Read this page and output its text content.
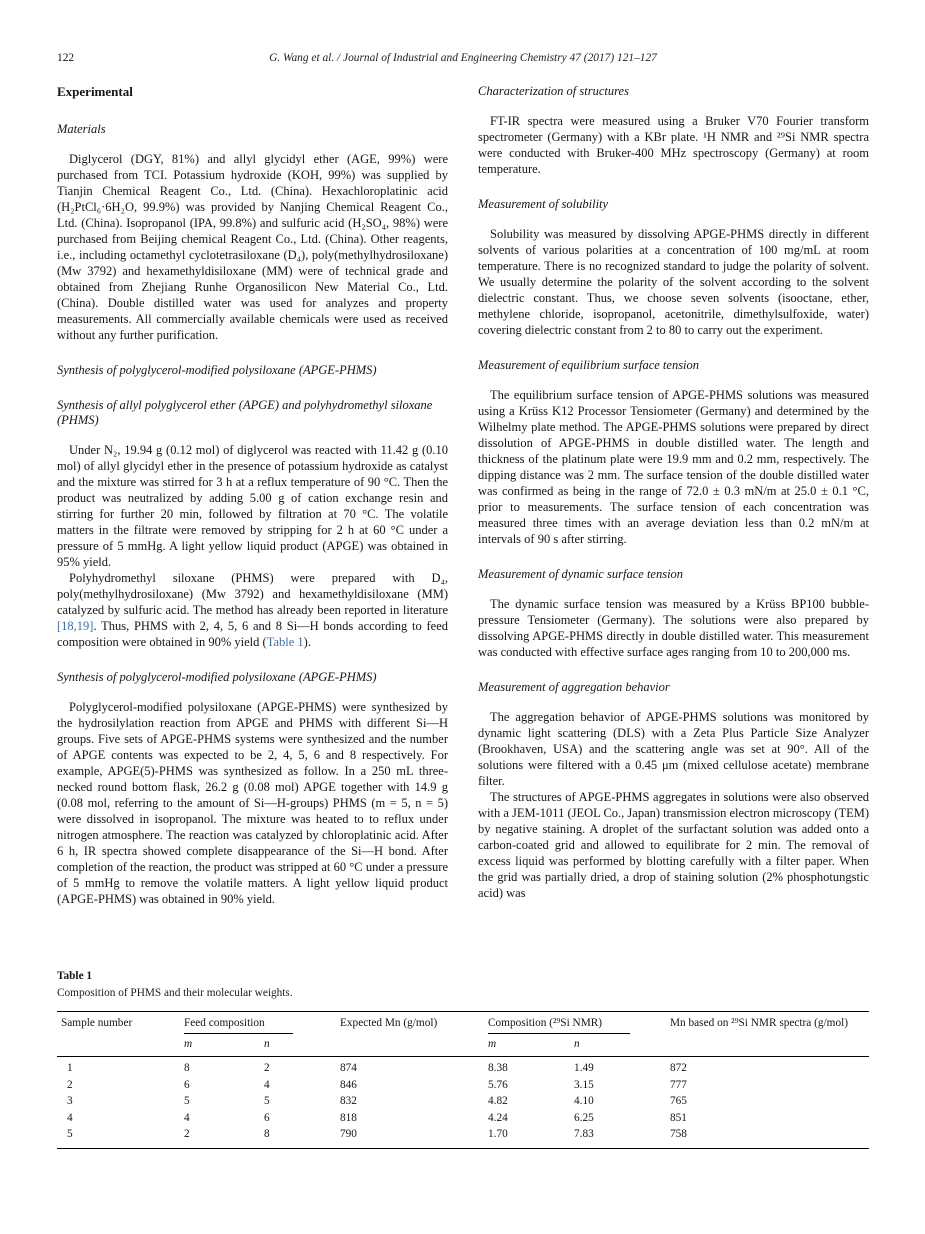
122	G. Wang et al. / Journal of Industrial and Engineering Chemistry 47 (2017) 121–127
Experimental
Materials

Diglycerol (DGY, 81%) and allyl glycidyl ether (AGE, 99%) were purchased from TCI. Potassium hydroxide (KOH, 99%) was supplied by Tianjin Chemical Reagent Co., Ltd. (China). Hexachloroplatinic acid (H₂PtCl₆·6H₂O, 99.9%) was provided by Nanjing Chemical Reagent Co., Ltd. (China). Isopropanol (IPA, 99.8%) and sulfuric acid (H₂SO₄, 98%) were purchased from Beijing chemical Reagent Co., Ltd. (China). Other reagents, i.e., including octamethyl cyclotetrasiloxane (D₄), poly(methylhydrosiloxane) (Mw 3792) and hexamethyldisiloxane (MM) were of technical grade and obtained from Zhejiang Runhe Organosilicon New Material Co., Ltd. (China). Double distilled water was used for analyzes and property measurements. All commercially available chemicals were used as received without any further purification.

Synthesis of polyglycerol-modified polysiloxane (APGE-PHMS)
Synthesis of allyl polyglycerol ether (APGE) and polyhydromethyl siloxane (PHMS)

Under N₂, 19.94 g (0.12 mol) of diglycerol was reacted with 11.42 g (0.10 mol) of allyl glycidyl ether in the presence of potassium hydroxide as catalyst and the mixture was stirred for 3 h at a reflux temperature of 90 °C. Then the product was neutralized by adding 5.00 g of cation exchange resin and stirring for further 20 min, followed by filtration at 70 °C. The volatile matters in the filtrate were removed by stripping for 2 h at 60 °C under a pressure of 5 mmHg. A light yellow liquid product (APGE) was obtained in 95% yield.

Polyhydromethyl siloxane (PHMS) were prepared with D₄, poly(methylhydrosiloxane) (Mw 3792) and hexamethyldisiloxane (MM) catalyzed by sulfuric acid. The method has already been reported in literature [18,19]. Thus, PHMS with 2, 4, 5, 6 and 8 Si—H bonds according to feed composition were obtained in 90% yield (Table 1).

Synthesis of polyglycerol-modified polysiloxane (APGE-PHMS)

Polyglycerol-modified polysiloxane (APGE-PHMS) were synthesized by the hydrosilylation reaction from APGE and PHMS with different Si—H groups. Five sets of APGE-PHMS systems were synthesized and the number of APGE contents was expected to be 2, 4, 5, 6 and 8 respectively. For example, APGE(5)-PHMS was synthesized as follow. In a 250 mL three-necked round bottom flask, 26.2 g (0.08 mol) APGE together with 14.9 g (0.08 mol, referring to the amount of Si—H-groups) PHMS (m = 5, n = 5) were dissolved in isopropanol. The mixture was heated to to reflux under nitrogen atmosphere. The reaction was catalyzed by chloroplatinic acid. After 6 h, IR spectra showed complete disappearance of the Si—H bond. After completion of the reaction, the product was stripped at 60 °C under a pressure of 5 mmHg to remove the volatile matters. A light yellow liquid product (APGE-PHMS) was obtained in 90% yield.

Characterization of structures

FT-IR spectra were measured using a Bruker V70 Fourier transform spectrometer (Germany) with a KBr plate. ¹H NMR and ²⁹Si NMR spectra were conducted with Bruker-400 MHz spectroscopy (Germany) at room temperature.

Measurement of solubility

Solubility was measured by dissolving APGE-PHMS directly in different solvents of various polarities at a concentration of 100 mg/mL at room temperature. There is no recognized standard to judge the polarity of solvent. We usually determine the polarity of the solvent according to the solvent dielectric constant. Thus, we choose seven solvents (isooctane, ether, methylene chloride, isopropanol, acetonitrile, dimethylsulfoxide, water) covering dielectric constant from 2 to 80 to carry out the experiment.

Measurement of equilibrium surface tension

The equilibrium surface tension of APGE-PHMS solutions was measured using a Krüss K12 Processor Tensiometer (Germany) and determined by the Wilhelmy plate method. The APGE-PHMS solutions were prepared by direct dissolution of APGE-PHMS in double distilled water. The length and thickness of the platinum plate were 19.9 mm and 0.2 mm, respectively. The dipping distance was 2 mm. The surface tension of the double distilled water was confirmed as being in the range of 72.0 ± 0.3 mN/m at 25.0 ± 0.1 °C, prior to measurements. The surface tension of each concentration was measured three times with an average deviation less than 0.2 mN/m at intervals of 90 s after stirring.

Measurement of dynamic surface tension

The dynamic surface tension was measured by a Krüss BP100 bubble-pressure Tensiometer (Germany). The solutions were also prepared by dissolving APGE-PHMS directly in double distilled water. This measurement was conducted with effective surface ages ranging from 10 to 200,000 ms.

Measurement of aggregation behavior

The aggregation behavior of APGE-PHMS solutions was monitored by dynamic light scattering (DLS) with a Zeta Plus Particle Size Analyzer (Brookhaven, USA) and the scattering angle was set at 90°. All of the solutions were filtered with a 0.45 μm (mixed cellulose acetate) membrane filter.

The structures of APGE-PHMS aggregates in solutions were also observed with a JEM-1011 (JEOL Co., Japan) transmission electron microscopy (TEM) by negative staining. A droplet of the surfactant solution was added onto a carbon-coated grid and allowed to equilibrate for 2 min. The removal of excess liquid was performed by blotting carefully with a filter paper. When the grid was partially dried, a drop of staining solution (2% phosphotungstic acid) was

Table 1
Composition of PHMS and their molecular weights.
Sample number	Feed composition		Expected Mn (g/mol)	Composition (²⁹Si NMR)		Mn based on ²⁹Si NMR spectra (g/mol)
	m	n		m	n	
1	8	2	874	8.38	1.49	872
2	6	4	846	5.76	3.15	777
3	5	5	832	4.82	4.10	765
4	4	6	818	4.24	6.25	851
5	2	8	790	1.70	7.83	758
